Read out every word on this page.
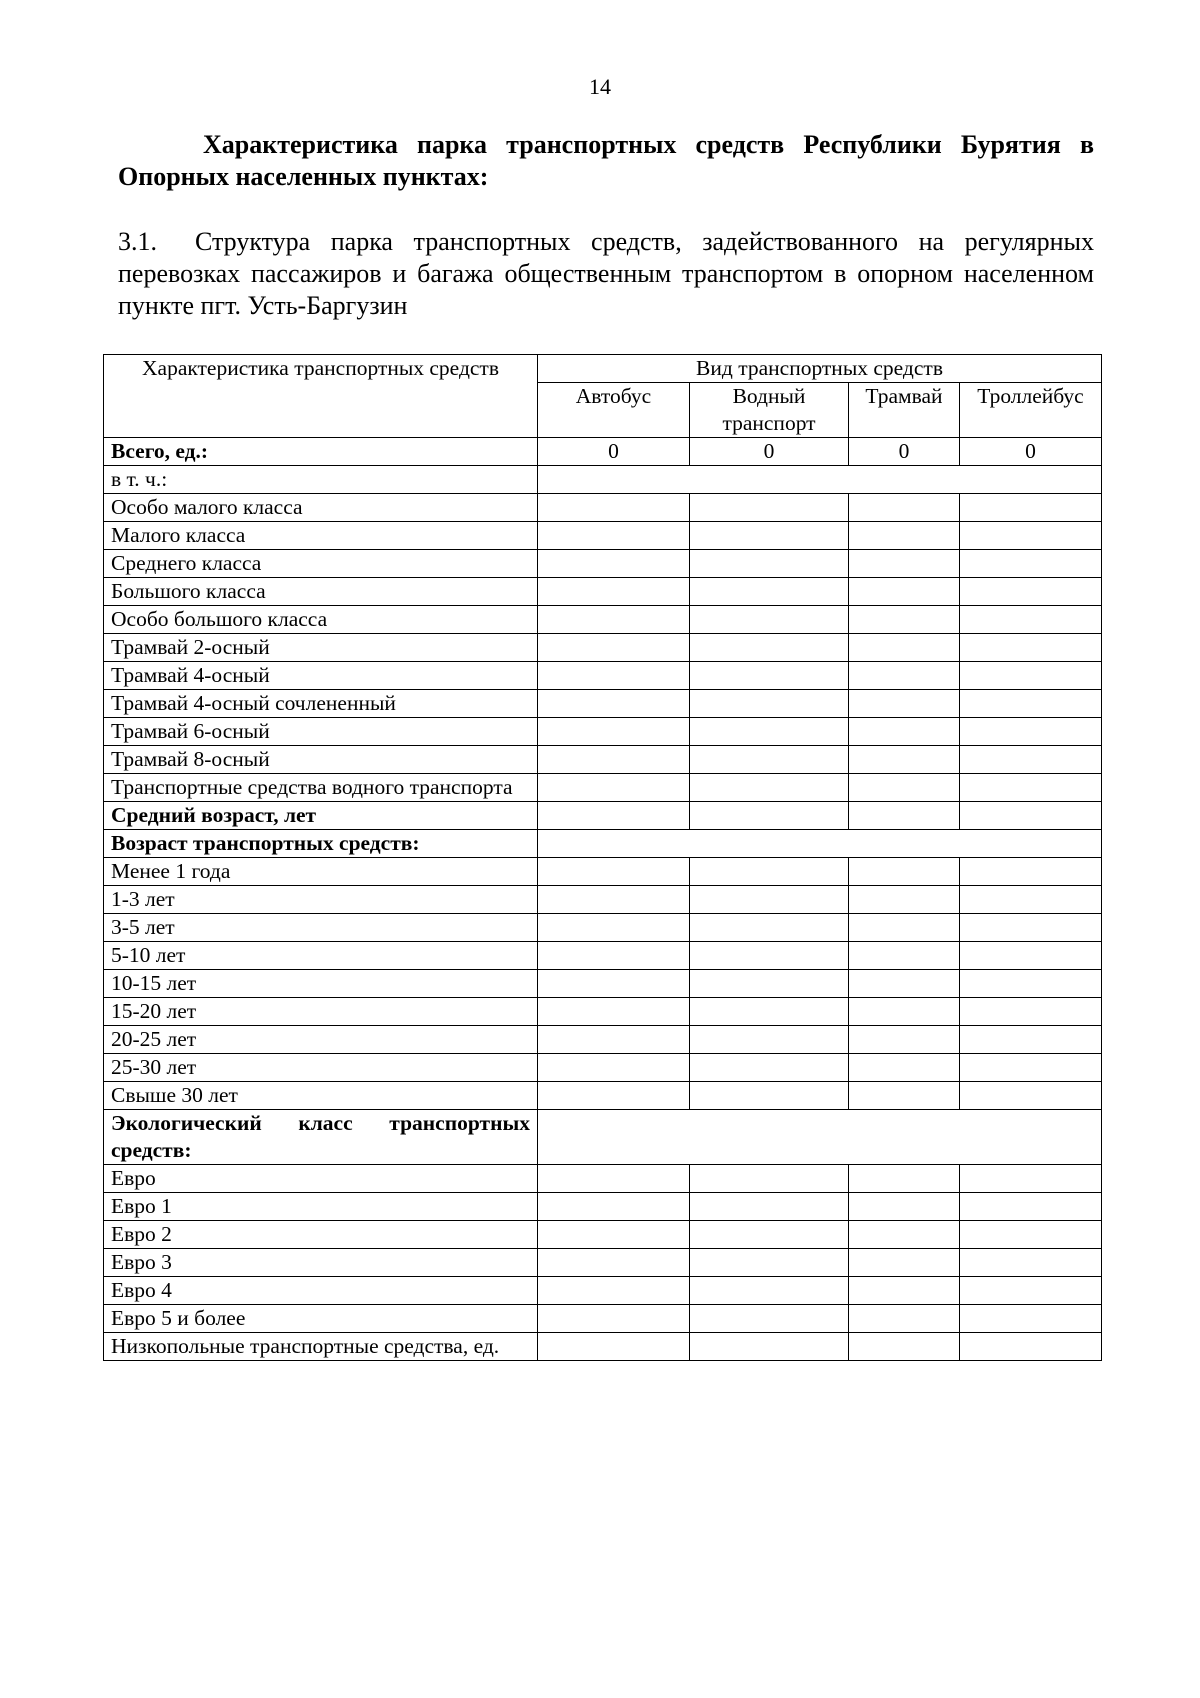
14
Характеристика парка транспортных средств Республики Бурятия в Опорных населенных пунктах:
3.1. Структура парка транспортных средств, задействованного на регулярных перевозках пассажиров и багажа общественным транспортом в опорном населенном пункте пгт. Усть-Баргузин
Характеристика транспортных средств	Вид транспортных средств			
	Автобус	Водный транспорт	Трамвай	Троллейбус
Всего, ед.:	0	0	0	0
в т. ч.:				
Особо малого класса				
Малого класса				
Среднего класса				
Большого класса				
Особо большого класса				
Трамвай 2-осный				
Трамвай 4-осный				
Трамвай 4-осный сочлененный				
Трамвай 6-осный				
Трамвай 8-осный				
Транспортные средства водного транспорта				
Средний возраст, лет				
Возраст транспортных средств:				
Менее 1 года				
1-3 лет				
3-5 лет				
5-10 лет				
10-15 лет				
15-20 лет				
20-25 лет				
25-30 лет				
Свыше 30 лет				
Экологический класс транспортных средств:				
Евро				
Евро 1				
Евро 2				
Евро 3				
Евро 4				
Евро 5 и более				
Низкопольные транспортные средства, ед.				
